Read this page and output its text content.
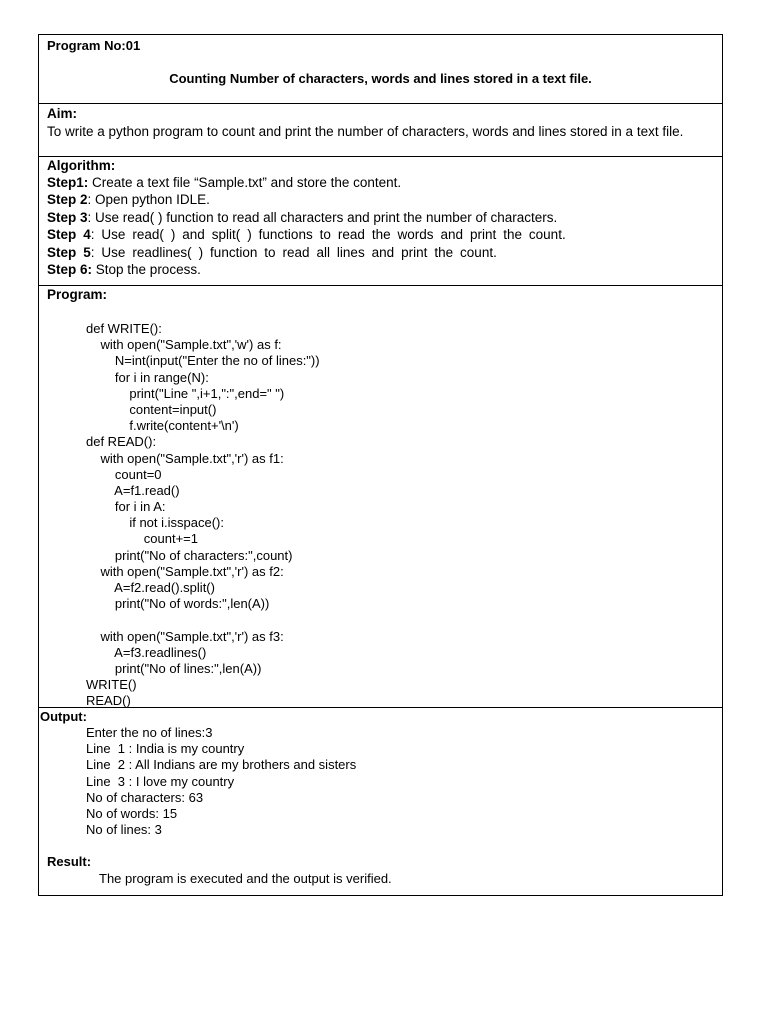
Program No:01
Counting Number of characters, words and lines stored in a text file.
Aim:
To write a python program to count and print the number of characters, words and lines stored in a text file.
Algorithm:
Step1: Create a text file “Sample.txt” and store the content.
Step 2: Open python IDLE.
Step 3: Use read( ) function to read all characters and print the number of characters.
Step 4: Use read( ) and split( ) functions to read the words and print the count.
Step 5: Use readlines( ) function to read all lines and print the count.
Step 6: Stop the process.
Program:
def WRITE():
with open("Sample.txt",'w') as f:
N=int(input("Enter the no of lines:"))
for i in range(N):
print("Line ",i+1,":",end=" ")
content=input()
f.write(content+'\n')
def READ():
with open("Sample.txt",'r') as f1:
count=0
A=f1.read()
for i in A:
if not i.isspace():
count+=1
print("No of characters:",count)
with open("Sample.txt",'r') as f2:
A=f2.read().split()
print("No of words:",len(A))
with open("Sample.txt",'r') as f3:
A=f3.readlines()
print("No of lines:",len(A))
WRITE()
READ()
Output:
Enter the no of lines:3
Line  1 : India is my country
Line  2 : All Indians are my brothers and sisters
Line  3 : I love my country
No of characters: 63
No of words: 15
No of lines: 3
Result:
The program is executed and the output is verified.
